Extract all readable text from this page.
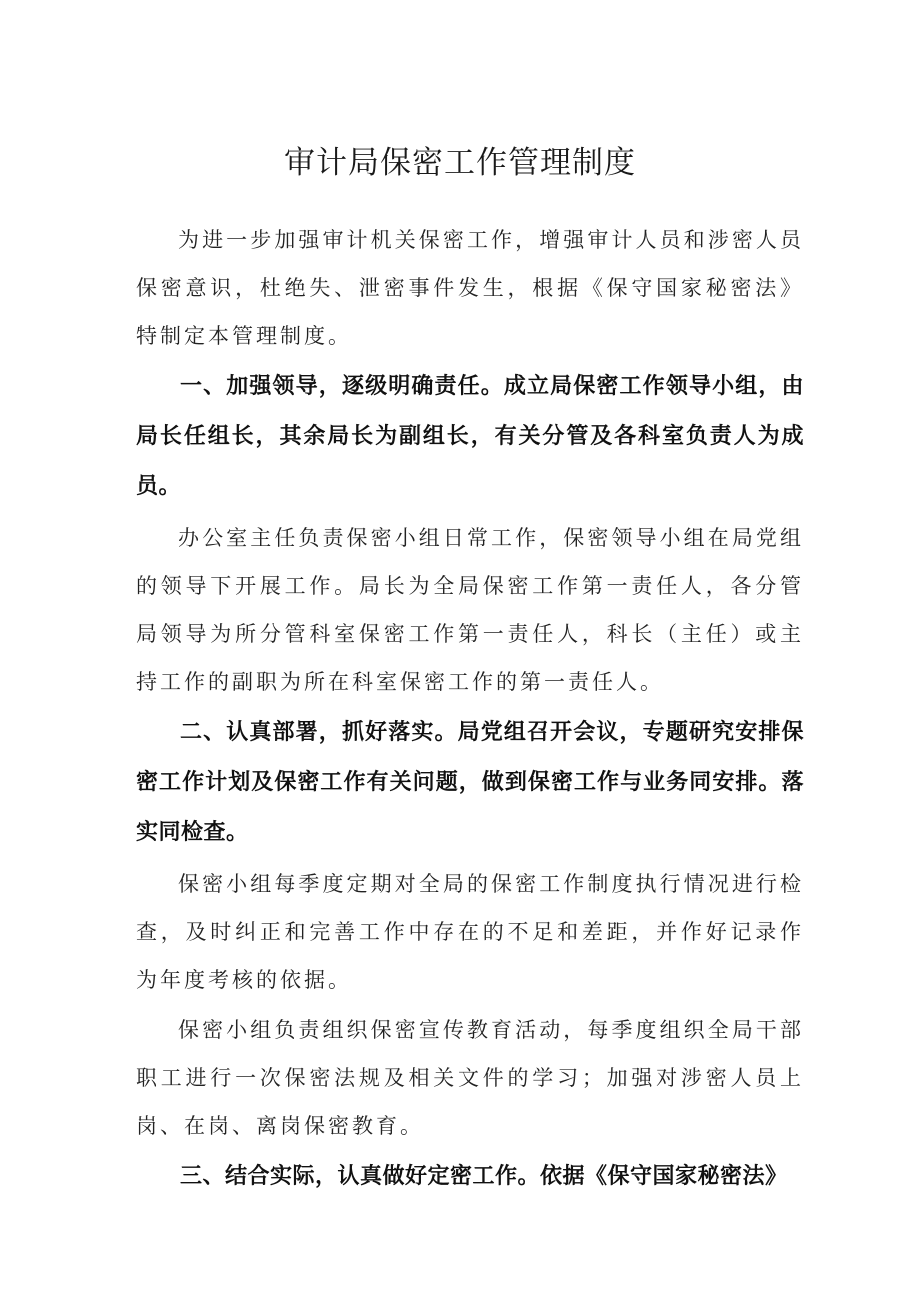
审计局保密工作管理制度

为进一步加强审计机关保密工作，增强审计人员和涉密人员保密意识，杜绝失、泄密事件发生，根据《保守国家秘密法》特制定本管理制度。

一、加强领导，逐级明确责任。成立局保密工作领导小组，由局长任组长，其余局长为副组长，有关分管及各科室负责人为成员。

办公室主任负责保密小组日常工作，保密领导小组在局党组的领导下开展工作。局长为全局保密工作第一责任人，各分管局领导为所分管科室保密工作第一责任人，科长（主任）或主持工作的副职为所在科室保密工作的第一责任人。

二、认真部署，抓好落实。局党组召开会议，专题研究安排保密工作计划及保密工作有关问题，做到保密工作与业务同安排。落实同检查。

保密小组每季度定期对全局的保密工作制度执行情况进行检查，及时纠正和完善工作中存在的不足和差距，并作好记录作为年度考核的依据。

保密小组负责组织保密宣传教育活动，每季度组织全局干部职工进行一次保密法规及相关文件的学习；加强对涉密人员上岗、在岗、离岗保密教育。

三、结合实际，认真做好定密工作。依据《保守国家秘密法》
